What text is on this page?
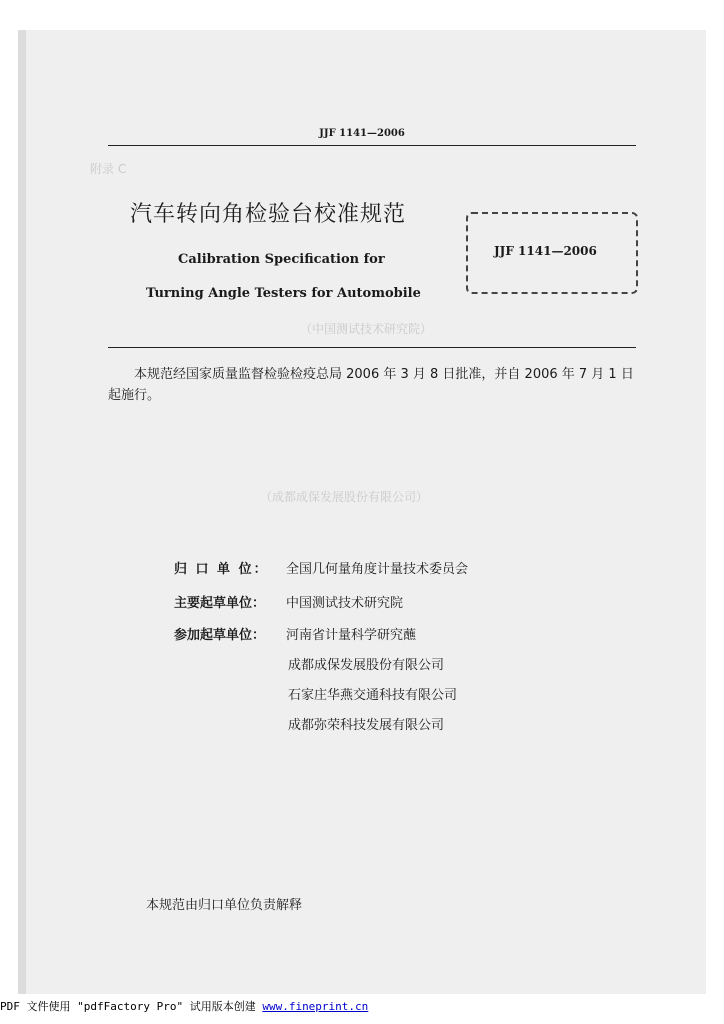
附录 C
（中国测试技术研究院）
（成都成保发展股份有限公司）
JJF 1141—2006
汽车转向角检验台校准规范
Calibration Specification for
Turning Angle Testers for Automobile
JJF 1141—2006
本规范经国家质量监督检验检疫总局 2006 年 3 月 8 日批准，并自 2006 年 7 月 1 日起施行。
归 口 单 位： 全国几何量角度计量技术委员会
主要起草单位： 中国测试技术研究院
参加起草单位： 河南省计量科学研究蘸
成都成保发展股份有限公司
石家庄华燕交通科技有限公司
成都弥荣科技发展有限公司
本规范由归口单位负责解释
PDF 文件使用 "pdfFactory Pro" 试用版本创建 www.fineprint.cn
